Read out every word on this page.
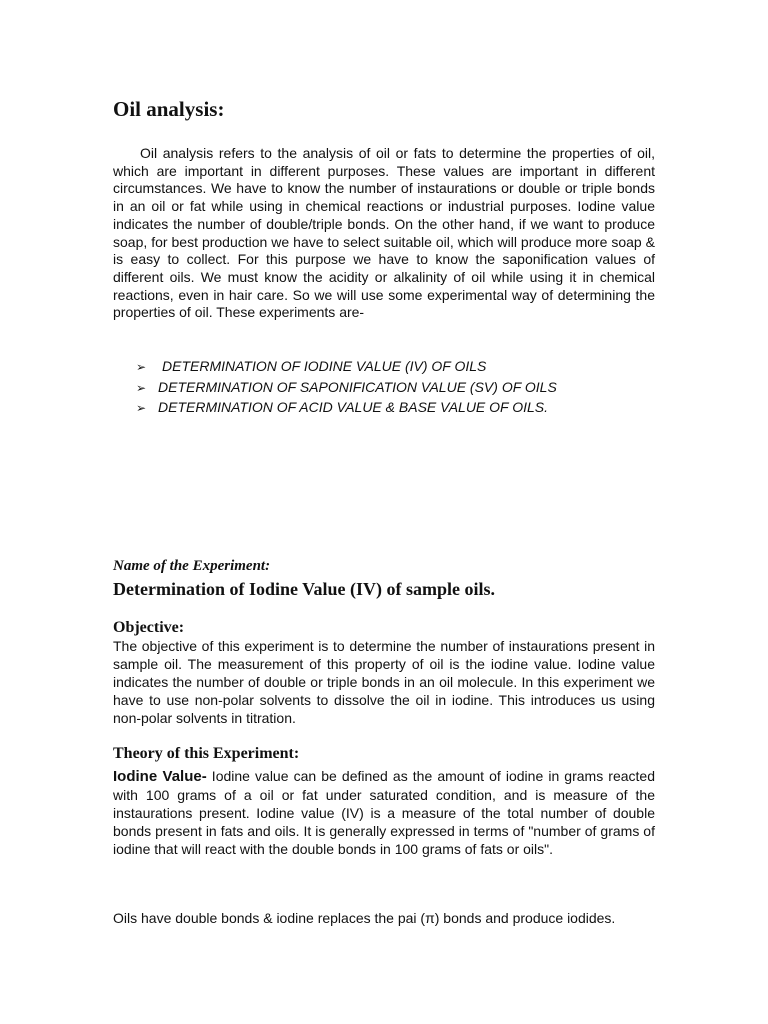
Oil analysis:

Oil analysis refers to the analysis of oil or fats to determine the properties of oil, which are important in different purposes. These values are important in different circumstances. We have to know the number of instaurations or double or triple bonds in an oil or fat while using in chemical reactions or industrial purposes. Iodine value indicates the number of double/triple bonds. On the other hand, if we want to produce soap, for best production we have to select suitable oil, which will produce more soap & is easy to collect. For this purpose we have to know the saponification values of different oils. We must know the acidity or alkalinity of oil while using it in chemical reactions, even in hair care. So we will use some experimental way of determining the properties of oil. These experiments are-

➢ DETERMINATION OF IODINE VALUE (IV) OF OILS
➢ DETERMINATION OF SAPONIFICATION VALUE (SV) OF OILS
➢ DETERMINATION OF ACID VALUE & BASE VALUE OF OILS.

Name of the Experiment:

Determination of Iodine Value (IV) of sample oils.
Objective:

The objective of this experiment is to determine the number of instaurations present in sample oil. The measurement of this property of oil is the iodine value. Iodine value indicates the number of double or triple bonds in an oil molecule. In this experiment we have to use non-polar solvents to dissolve the oil in iodine. This introduces us using non-polar solvents in titration.

Theory of this Experiment:

Iodine Value- Iodine value can be defined as the amount of iodine in grams reacted with 100 grams of a oil or fat under saturated condition, and is measure of the instaurations present. Iodine value (IV) is a measure of the total number of double bonds present in fats and oils. It is generally expressed in terms of "number of grams of iodine that will react with the double bonds in 100 grams of fats or oils".

Oils have double bonds & iodine replaces the pai (π) bonds and produce iodides.
